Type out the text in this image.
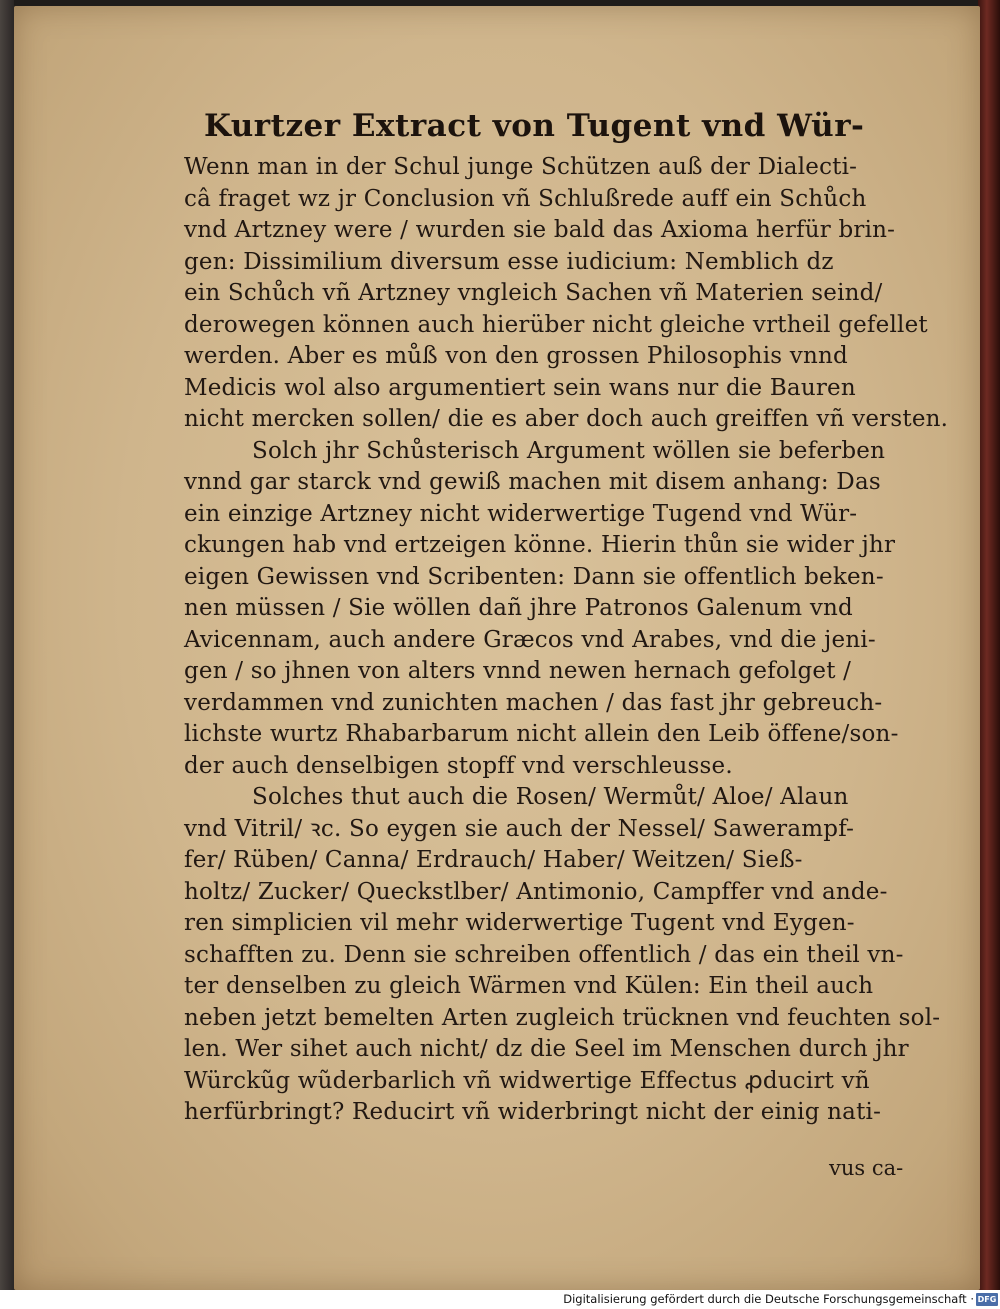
Kurtzer Extract von Tugent vnd Wür-
Wenn man in der Schul junge Schützen auß der Dialecti-
câ fraget wz jr Conclusion vñ Schlußrede auff ein Schůch
vnd Artzney were / wurden sie bald das Axioma herfür brin-
gen: Dissimilium diversum esse iudicium: Nemblich dz
ein Schůch vñ Artzney vngleich Sachen vñ Materien seind/
derowegen können auch hierüber nicht gleiche vrtheil gefellet
werden. Aber es můß von den grossen Philosophis vnnd
Medicis wol also argumentiert sein wans nur die Bauren
nicht mercken sollen/ die es aber doch auch greiffen vñ versten.
Solch jhr Schůsterisch Argument wöllen sie beferben
vnnd gar starck vnd gewiß machen mit disem anhang: Das
ein einzige Artzney nicht widerwertige Tugend vnd Wür-
ckungen hab vnd ertzeigen könne. Hierin thůn sie wider jhr
eigen Gewissen vnd Scribenten: Dann sie offentlich beken-
nen müssen / Sie wöllen dañ jhre Patronos Galenum vnd
Avicennam, auch andere Græcos vnd Arabes, vnd die jeni-
gen / so jhnen von alters vnnd newen hernach gefolget /
verdammen vnd zunichten machen / das fast jhr gebreuch-
lichste wurtz Rhabarbarum nicht allein den Leib öffene/son-
der auch denselbigen stopff vnd verschleusse.
Solches thut auch die Rosen/ Wermůt/ Aloe/ Alaun
vnd Vitril/ ꝛc. So eygen sie auch der Nessel/ Sawerampf-
fer/ Rüben/ Canna/ Erdrauch/ Haber/ Weitzen/ Sieß-
holtz/ Zucker/ Queckstlber/ Antimonio, Campffer vnd ande-
ren simplicien vil mehr widerwertige Tugent vnd Eygen-
schafften zu. Denn sie schreiben offentlich / das ein theil vn-
ter denselben zu gleich Wärmen vnd Külen: Ein theil auch
neben jetzt bemelten Arten zugleich trücknen vnd feuchten sol-
len. Wer sihet auch nicht/ dz die Seel im Menschen durch jhr
Würckũg wũderbarlich vñ widwertige Effectus ꝓducirt vñ
herfürbringt? Reducirt vñ widerbringt nicht der einig nati-
vus ca-
Digitalisierung gefördert durch die Deutsche Forschungsgemeinschaft · DFG
